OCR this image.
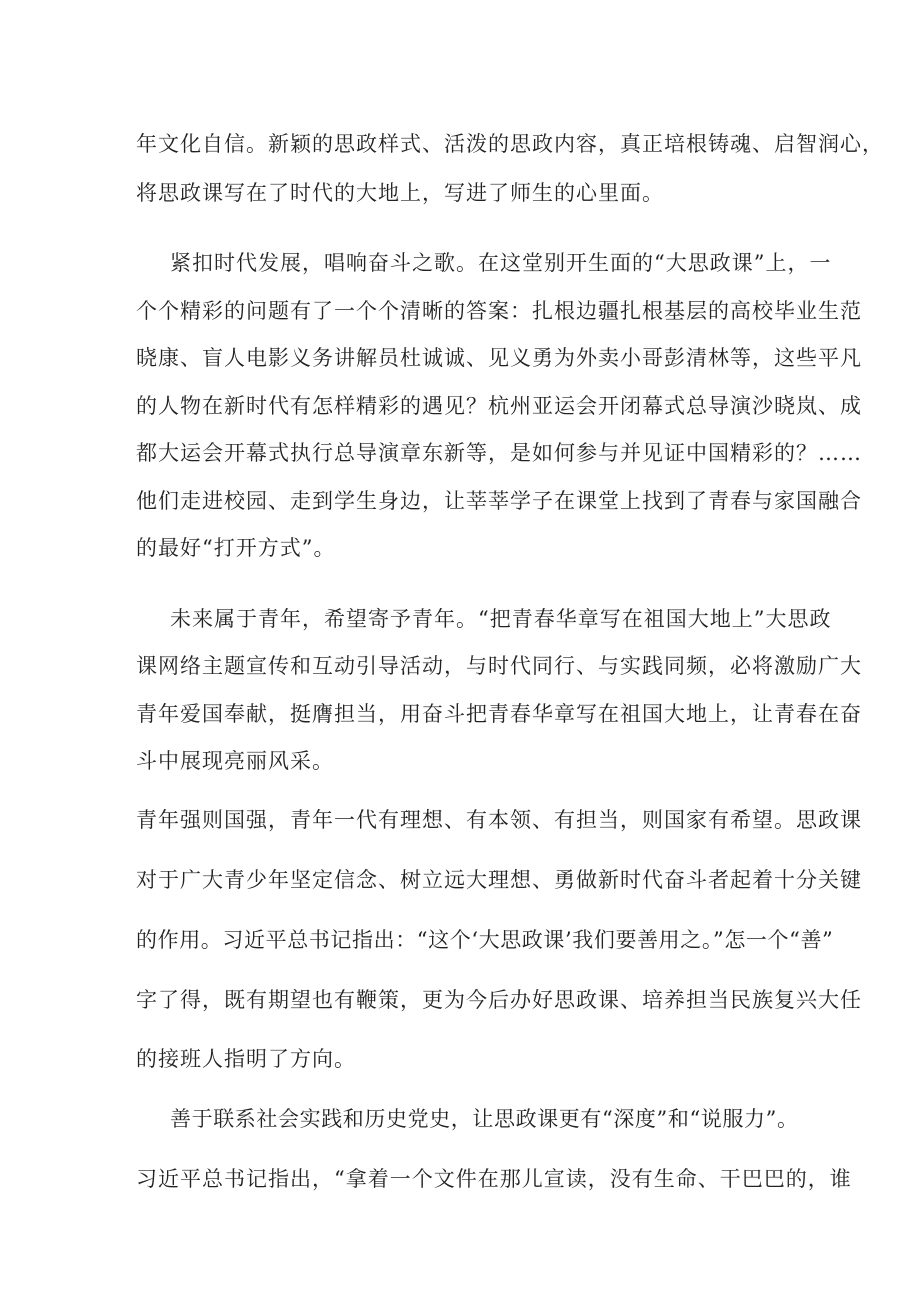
年文化自信。新颖的思政样式、活泼的思政内容，真正培根铸魂、启智润心，
将思政课写在了时代的大地上，写进了师生的心里面。
紧扣时代发展，唱响奋斗之歌。在这堂别开生面的“大思政课”上，一
个个精彩的问题有了一个个清晰的答案：扎根边疆扎根基层的高校毕业生范
晓康、盲人电影义务讲解员杜诚诚、见义勇为外卖小哥彭清林等，这些平凡
的人物在新时代有怎样精彩的遇见？杭州亚运会开闭幕式总导演沙晓岚、成
都大运会开幕式执行总导演章东新等，是如何参与并见证中国精彩的？……
他们走进校园、走到学生身边，让莘莘学子在课堂上找到了青春与家国融合
的最好“打开方式”。
未来属于青年，希望寄予青年。“把青春华章写在祖国大地上”大思政
课网络主题宣传和互动引导活动，与时代同行、与实践同频，必将激励广大
青年爱国奉献，挺膺担当，用奋斗把青春华章写在祖国大地上，让青春在奋
斗中展现亮丽风采。
青年强则国强，青年一代有理想、有本领、有担当，则国家有希望。思政课
对于广大青少年坚定信念、树立远大理想、勇做新时代奋斗者起着十分关键
的作用。习近平总书记指出：“这个‘大思政课’我们要善用之。”怎一个“善”
字了得，既有期望也有鞭策，更为今后办好思政课、培养担当民族复兴大任
的接班人指明了方向。
善于联系社会实践和历史党史，让思政课更有“深度”和“说服力”。
习近平总书记指出，“拿着一个文件在那儿宣读，没有生命、干巴巴的，谁
